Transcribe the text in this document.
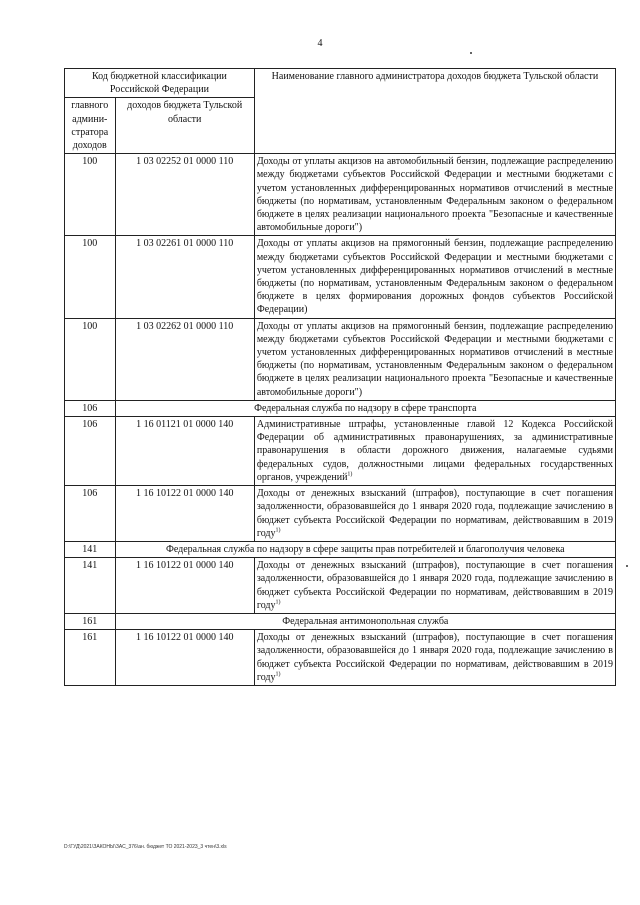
4
Код бюджетной классификации Российской Федерации		Наименование главного администратора доходов бюджета Тульской области
главного админи-стратора доходов	доходов бюджета Тульской области	
100	1 03 02252 01 0000 110	Доходы от уплаты акцизов на автомобильный бензин, подлежащие распределению между бюджетами субъектов Российской Федерации и местными бюджетами с учетом установленных дифференцированных нормативов отчислений в местные бюджеты (по нормативам, установленным Федеральным законом о федеральном бюджете в целях реализации национального проекта "Безопасные и качественные автомобильные дороги")
100	1 03 02261 01 0000 110	Доходы от уплаты акцизов на прямогонный бензин, подлежащие распределению между бюджетами субъектов Российской Федерации и местными бюджетами с учетом установленных дифференцированных нормативов отчислений в местные бюджеты (по нормативам, установленным Федеральным законом о федеральном бюджете в целях формирования дорожных фондов субъектов Российской Федерации)
100	1 03 02262 01 0000 110	Доходы от уплаты акцизов на прямогонный бензин, подлежащие распределению между бюджетами субъектов Российской Федерации и местными бюджетами с учетом установленных дифференцированных нормативов отчислений в местные бюджеты (по нормативам, установленным Федеральным законом о федеральном бюджете в целях реализации национального проекта "Безопасные и качественные автомобильные дороги")
106	Федеральная служба по надзору в сфере транспорта	
106	1 16 01121 01 0000 140	Административные штрафы, установленные главой 12 Кодекса Российской Федерации об административных правонарушениях, за административные правонарушения в области дорожного движения, налагаемые судьями федеральных судов, должностными лицами федеральных государственных органов, учреждений$^{1)}$
106	1 16 10122 01 0000 140	Доходы от денежных взысканий (штрафов), поступающие в счет погашения задолженности, образовавшейся до 1 января 2020 года, подлежащие зачислению в бюджет субъекта Российской Федерации по нормативам, действовавшим в 2019 году$^{1)}$
141	Федеральная служба по надзору в сфере защиты прав потребителей и благополучия человека	
141	1 16 10122 01 0000 140	Доходы от денежных взысканий (штрафов), поступающие в счет погашения задолженности, образовавшейся до 1 января 2020 года, подлежащие зачислению в бюджет субъекта Российской Федерации по нормативам, действовавшим в 2019 году$^{1)}$
161	Федеральная антимонопольная служба	
161	1 16 10122 01 0000 140	Доходы от денежных взысканий (штрафов), поступающие в счет погашения задолженности, образовавшейся до 1 января 2020 года, подлежащие зачислению в бюджет субъекта Российской Федерации по нормативам, действовавшим в 2019 году$^{1)}$
D:\ГУД\2021\ЗАКОНЫ\ЗАС_376\ан. бюджет ТО 2021-2023_3 чтен\3.xls
